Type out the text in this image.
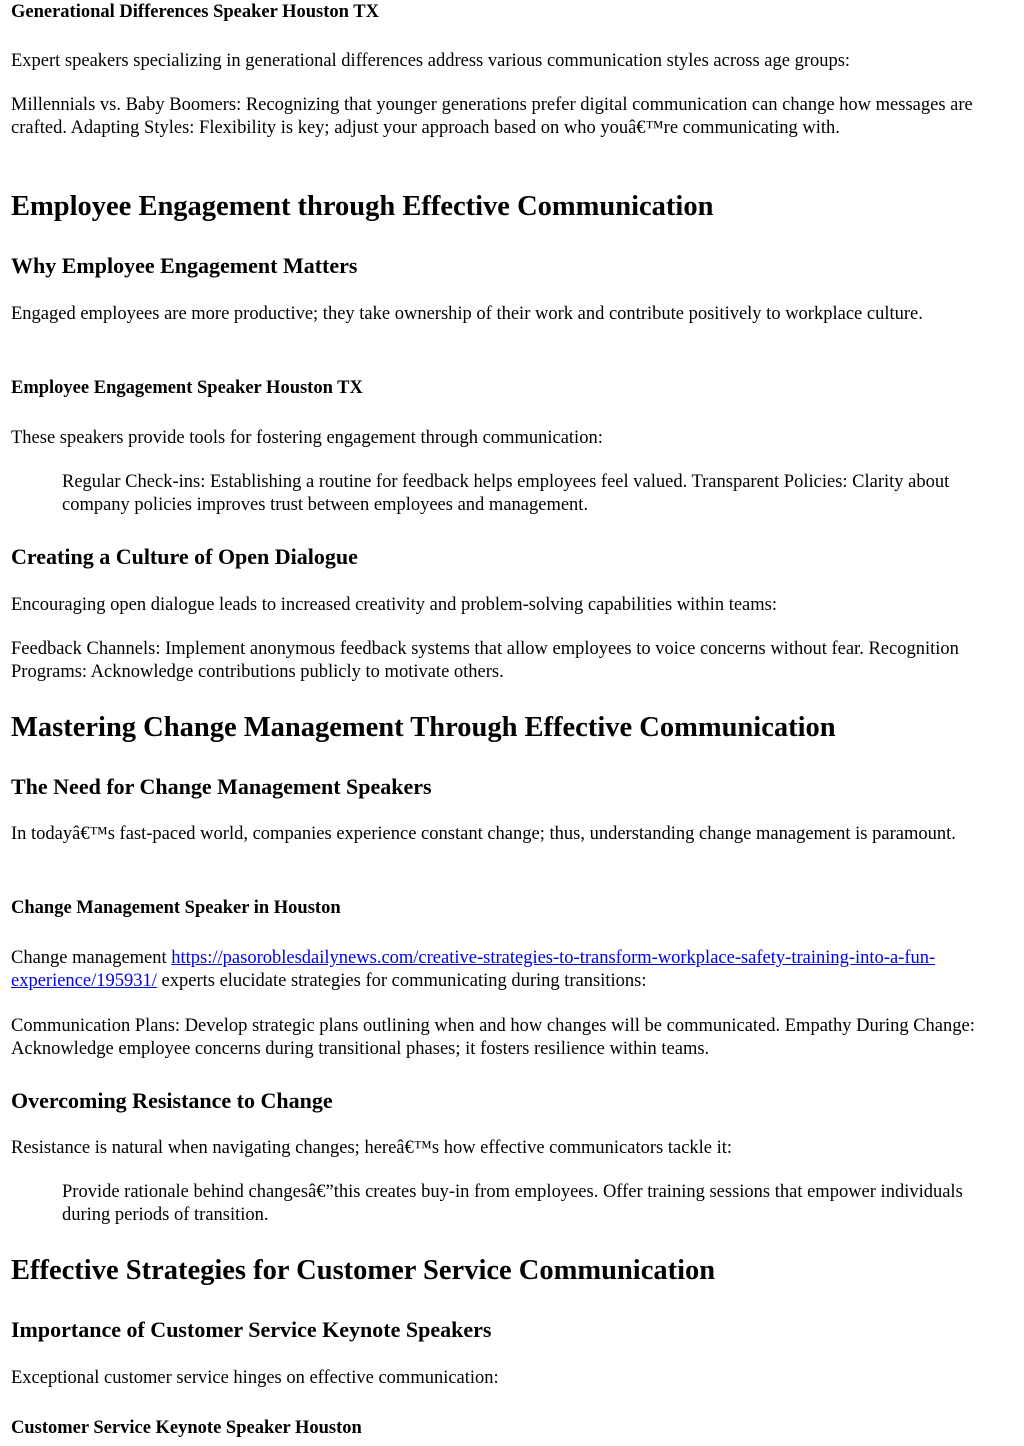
Generational Differences Speaker Houston TX

Expert speakers specializing in generational differences address various communication styles across age groups:

Millennials vs. Baby Boomers: Recognizing that younger generations prefer digital communication can change how messages are crafted. Adapting Styles: Flexibility is key; adjust your approach based on who youâ€™re communicating with.

Employee Engagement through Effective Communication
Why Employee Engagement Matters

Engaged employees are more productive; they take ownership of their work and contribute positively to workplace culture.

Employee Engagement Speaker Houston TX

These speakers provide tools for fostering engagement through communication:

Regular Check-ins: Establishing a routine for feedback helps employees feel valued. Transparent Policies: Clarity about company policies improves trust between employees and management.

Creating a Culture of Open Dialogue

Encouraging open dialogue leads to increased creativity and problem-solving capabilities within teams:

Feedback Channels: Implement anonymous feedback systems that allow employees to voice concerns without fear. Recognition Programs: Acknowledge contributions publicly to motivate others.

Mastering Change Management Through Effective Communication
The Need for Change Management Speakers

In todayâ€™s fast-paced world, companies experience constant change; thus, understanding change management is paramount.

Change Management Speaker in Houston

Change management https://pasoroblesdailynews.com/creative-strategies-to-transform-workplace-safety-training-into-a-fun-experience/195931/ experts elucidate strategies for communicating during transitions:

Communication Plans: Develop strategic plans outlining when and how changes will be communicated. Empathy During Change: Acknowledge employee concerns during transitional phases; it fosters resilience within teams.

Overcoming Resistance to Change

Resistance is natural when navigating changes; hereâ€™s how effective communicators tackle it:

Provide rationale behind changesâ€”this creates buy-in from employees. Offer training sessions that empower individuals during periods of transition.

Effective Strategies for Customer Service Communication
Importance of Customer Service Keynote Speakers

Exceptional customer service hinges on effective communication:

Customer Service Keynote Speaker Houston
